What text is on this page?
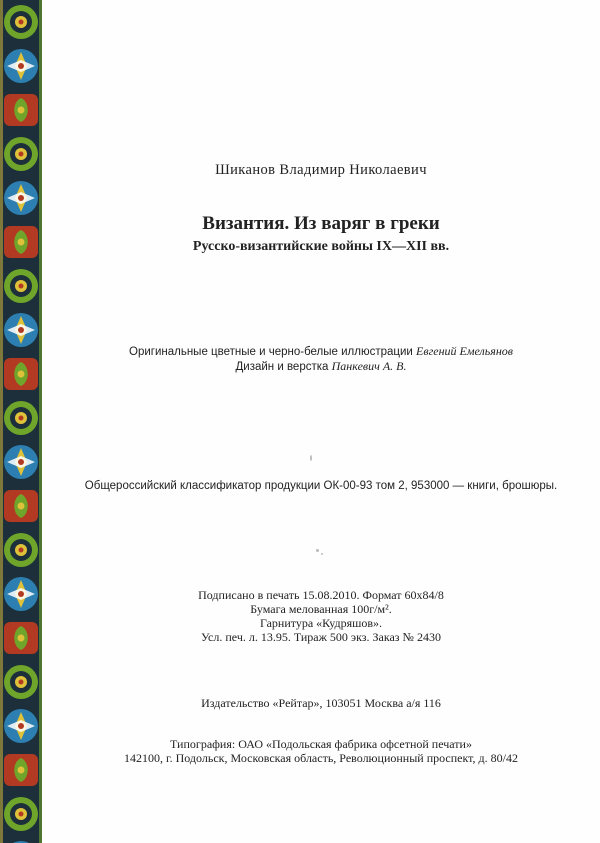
Шиканов Владимир Николаевич
Византия. Из варяг в греки
Русско-византийские войны IX—XII вв.
Оригинальные цветные и черно-белые иллюстрации Евгений Емельянов
Дизайн и верстка Панкевич А. В.
Общероссийский классификатор продукции ОК-00-93 том 2, 953000 — книги, брошюры.
Подписано в печать 15.08.2010. Формат 60х84/8
Бумага мелованная 100г/м².
Гарнитура «Кудряшов».
Усл. печ. л. 13.95. Тираж 500 экз. Заказ № 2430
Издательство «Рейтар», 103051 Москва а/я 116
Типография: ОАО «Подольская фабрика офсетной печати»
142100, г. Подольск, Московская область, Революционный проспект, д. 80/42
